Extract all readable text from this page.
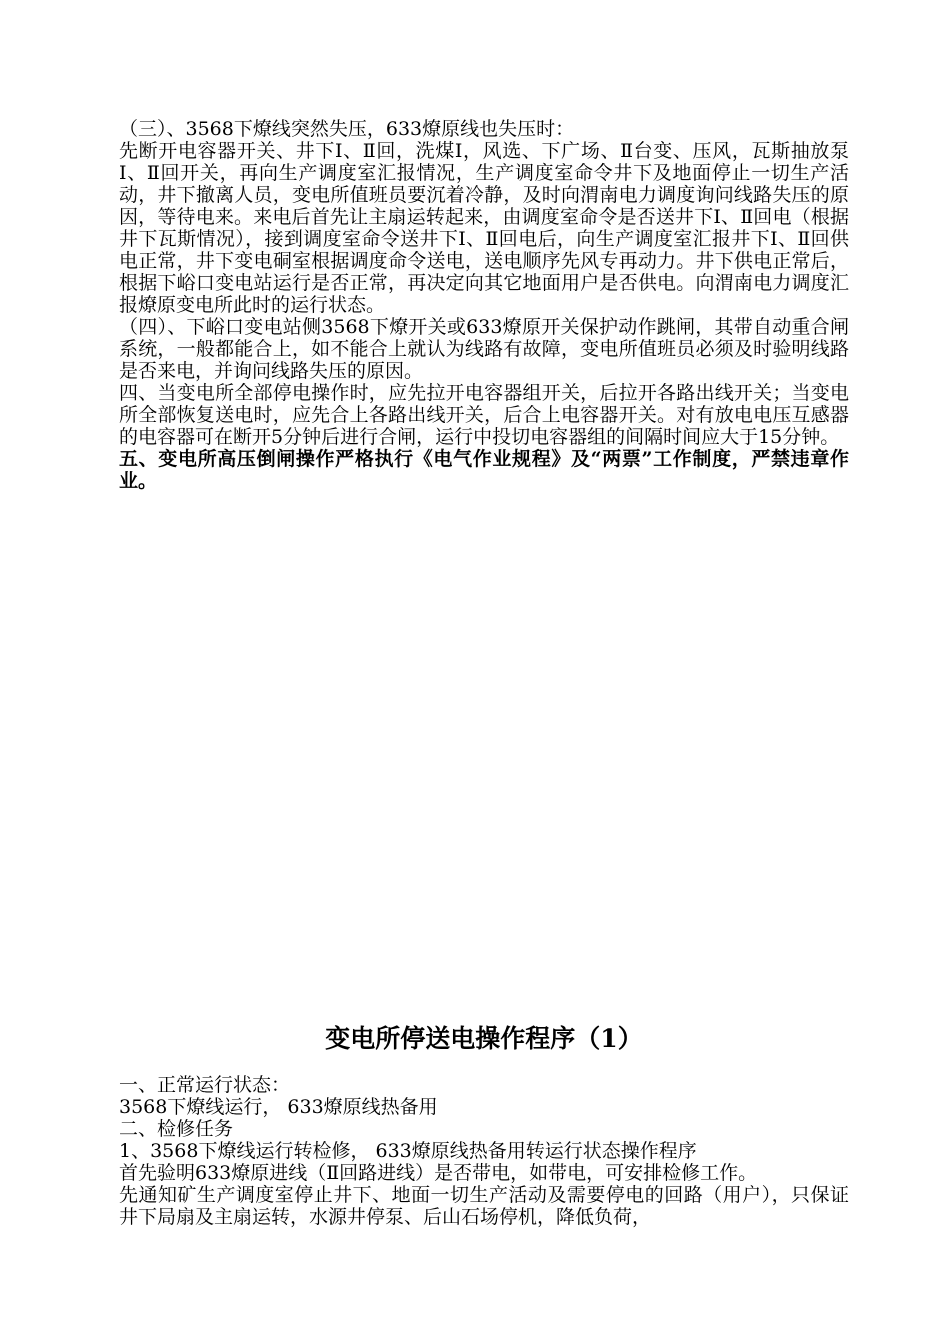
（三）、3568下燎线突然失压，633燎原线也失压时：

先断开电容器开关、井下Ⅰ、Ⅱ回，洗煤Ⅰ，风选、下广场、Ⅱ台变、压风，瓦斯抽放泵Ⅰ、Ⅱ回开关，再向生产调度室汇报情况，生产调度室命令井下及地面停止一切生产活动，井下撤离人员，变电所值班员要沉着冷静，及时向渭南电力调度询问线路失压的原因，等待电来。来电后首先让主扇运转起来，由调度室命令是否送井下Ⅰ、Ⅱ回电（根据井下瓦斯情况），接到调度室命令送井下Ⅰ、Ⅱ回电后，向生产调度室汇报井下Ⅰ、Ⅱ回供电正常，井下变电硐室根据调度命令送电，送电顺序先风专再动力。井下供电正常后，根据下峪口变电站运行是否正常，再决定向其它地面用户是否供电。向渭南电力调度汇报燎原变电所此时的运行状态。

（四）、下峪口变电站侧3568下燎开关或633燎原开关保护动作跳闸，其带自动重合闸系统，一般都能合上，如不能合上就认为线路有故障，变电所值班员必须及时验明线路是否来电，并询问线路失压的原因。

四、当变电所全部停电操作时，应先拉开电容器组开关，后拉开各路出线开关；当变电所全部恢复送电时，应先合上各路出线开关，后合上电容器开关。对有放电电压互感器的电容器可在断开5分钟后进行合闸，运行中投切电容器组的间隔时间应大于15分钟。

五、变电所高压倒闸操作严格执行《电气作业规程》及“两票”工作制度，严禁违章作业。

变电所停送电操作程序（1）

一、正常运行状态：

3568下燎线运行， 633燎原线热备用

二、检修任务

1、3568下燎线运行转检修， 633燎原线热备用转运行状态操作程序

首先验明633燎原进线（Ⅱ回路进线）是否带电，如带电，可安排检修工作。

先通知矿生产调度室停止井下、地面一切生产活动及需要停电的回路（用户），只保证井下局扇及主扇运转，水源井停泵、后山石场停机，降低负荷，
